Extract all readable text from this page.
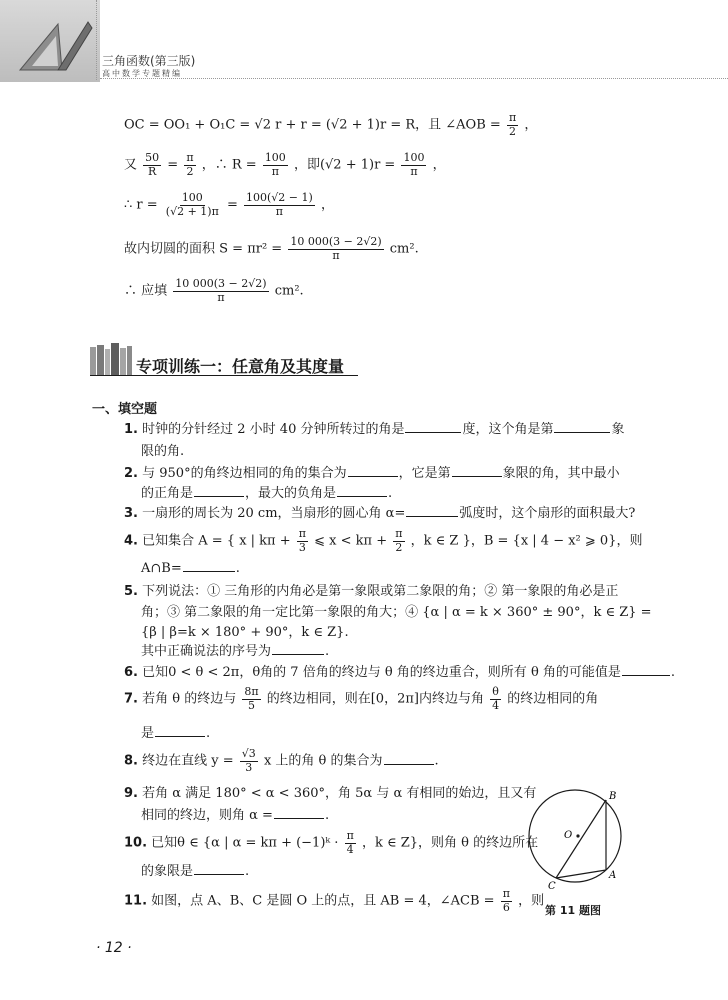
三角函数(第三版)
高中数学专题精编
OC = OO₁ + O₁C = √2 r + r = (√2 + 1)r = R，且 ∠AOB = $\frac{\pi}{2}$ ，
又 $\frac{50}{R} = \frac{\pi}{2}$ ，∴ $R = \frac{100}{\pi}$ ，即$(√2 + 1)r = \frac{100}{\pi}$ ，
∴ $r = \frac{100}{(√2 + 1)\pi} = \frac{100(√2 - 1)}{\pi}$ ，
故内切圆的面积 $S = \pi r^2 = \frac{10 000(3 - 2√2)}{\pi} cm^2$.
∴ 应填 $\frac{10 000(3 - 2√2)}{\pi} cm^2$.
专项训练一：任意角及其度量
一、填空题
1. 时钟的分针经过 2 小时 40 分钟所转过的角是	度，这个角是第	象
限的角.
2. 与 950°的角终边相同的角的集合为	，它是第	象限的角，其中最小
的正角是	，最大的负角是	.
3. 一扇形的周长为 20 cm，当扇形的圆心角 α=	弧度时，这个扇形的面积最大?
4. 已知集合 A = { x | $k\pi + \frac{\pi}{3}$ ⩽ $x < k\pi + \frac{\pi}{2}$ ，k ∈ Z }，B = {x | 4 − x² ⩾ 0}，则
A∩B=	.
5. 下列说法：① 三角形的内角必是第一象限或第二象限的角；② 第一象限的角必是正
角；③ 第二象限的角一定比第一象限的角大；④ {α | α = k × 360° ± 90°，k ∈ Z} =
{β | β=k × 180° + 90°，k ∈ Z}.
其中正确说法的序号为	.
6. 已知0 < θ < 2π，θ角的 7 倍角的终边与 θ 角的终边重合，则所有 θ 角的可能值是	.
7. 若角 θ 的终边与 $\frac{8\pi}{5}$ 的终边相同，则在[0，2π]内终边与角 $\frac{\theta}{4}$ 的终边相同的角
是	.
8. 终边在直线 $y = \frac{√3}{3}$ x 上的角 θ 的集合为	.
9. 若角 α 满足 180° < α < 360°，角 5α 与 α 有相同的始边，且又有
相同的终边，则角 α =	.
10. 已知θ ∈ {α | α = kπ + (−1)ᵏ · $\frac{\pi}{4}$ ，k ∈ Z}，则角 θ 的终边所在
的象限是	.
11. 如图，点 A、B、C 是圆 O 上的点，且 AB = 4，∠ACB = $\frac{\pi}{6}$ ，则
B
O
A
C
第 11 题图
· 12 ·
